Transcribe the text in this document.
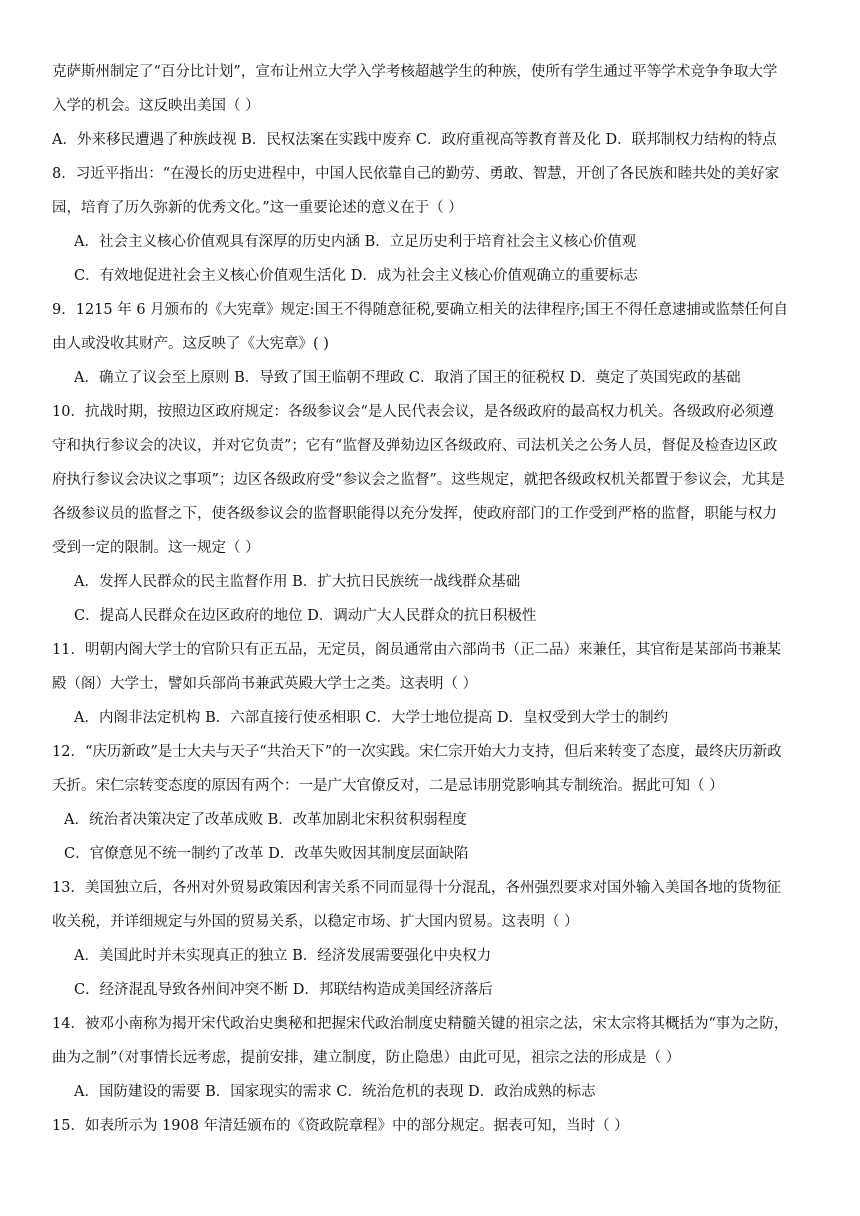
克萨斯州制定了“百分比计划”，宣布让州立大学入学考核超越学生的种族，使所有学生通过平等学术竞争争取大学
入学的机会。这反映出美国（ ）
A．外来移民遭遇了种族歧视 B．民权法案在实践中废弃 C．政府重视高等教育普及化 D．联邦制权力结构的特点
8．习近平指出：“在漫长的历史进程中，中国人民依靠自己的勤劳、勇敢、智慧，开创了各民族和睦共处的美好家
园，培育了历久弥新的优秀文化。”这一重要论述的意义在于（ ）
A．社会主义核心价值观具有深厚的历史内涵 B．立足历史利于培育社会主义核心价值观
C．有效地促进社会主义核心价值观生活化 D．成为社会主义核心价值观确立的重要标志
9．1215 年 6 月颁布的《大宪章》规定:国王不得随意征税,要确立相关的法律程序;国王不得任意逮捕或监禁任何自
由人或没收其财产。这反映了《大宪章》( )
A．确立了议会至上原则 B．导致了国王临朝不理政 C．取消了国王的征税权 D．奠定了英国宪政的基础
10．抗战时期，按照边区政府规定：各级参议会“是人民代表会议，是各级政府的最高权力机关。各级政府必须遵
守和执行参议会的决议，并对它负责”；它有“监督及弹劾边区各级政府、司法机关之公务人员，督促及检查边区政
府执行参议会决议之事项”；边区各级政府受“参议会之监督”。这些规定，就把各级政权机关都置于参议会，尤其是
各级参议员的监督之下，使各级参议会的监督职能得以充分发挥，使政府部门的工作受到严格的监督，职能与权力
受到一定的限制。这一规定（ ）
A．发挥人民群众的民主监督作用 B．扩大抗日民族统一战线群众基础
C．提高人民群众在边区政府的地位 D．调动广大人民群众的抗日积极性
11．明朝内阁大学士的官阶只有正五品，无定员，阁员通常由六部尚书（正二品）来兼任，其官衔是某部尚书兼某
殿（阁）大学士，譬如兵部尚书兼武英殿大学士之类。这表明（ ）
A．内阁非法定机构 B．六部直接行使丞相职 C．大学士地位提高 D．皇权受到大学士的制约
12．“庆历新政”是士大夫与天子“共治天下”的一次实践。宋仁宗开始大力支持，但后来转变了态度，最终庆历新政
夭折。宋仁宗转变态度的原因有两个：一是广大官僚反对，二是忌讳朋党影响其专制统治。据此可知（ ）
A．统治者决策决定了改革成败 B．改革加剧北宋积贫积弱程度
C．官僚意见不统一制约了改革 D．改革失败因其制度层面缺陷
13．美国独立后，各州对外贸易政策因利害关系不同而显得十分混乱，各州强烈要求对国外输入美国各地的货物征
收关税，并详细规定与外国的贸易关系，以稳定市场、扩大国内贸易。这表明（ ）
A．美国此时并未实现真正的独立 B．经济发展需要强化中央权力
C．经济混乱导致各州间冲突不断 D．邦联结构造成美国经济落后
14．被邓小南称为揭开宋代政治史奥秘和把握宋代政治制度史精髓关键的祖宗之法，宋太宗将其概括为“事为之防，
曲为之制”（对事情长远考虑，提前安排，建立制度，防止隐患）由此可见，祖宗之法的形成是（ ）
A．国防建设的需要 B．国家现实的需求 C．统治危机的表现 D．政治成熟的标志
15．如表所示为 1908 年清廷颁布的《资政院章程》中的部分规定。据表可知，当时（ ）
